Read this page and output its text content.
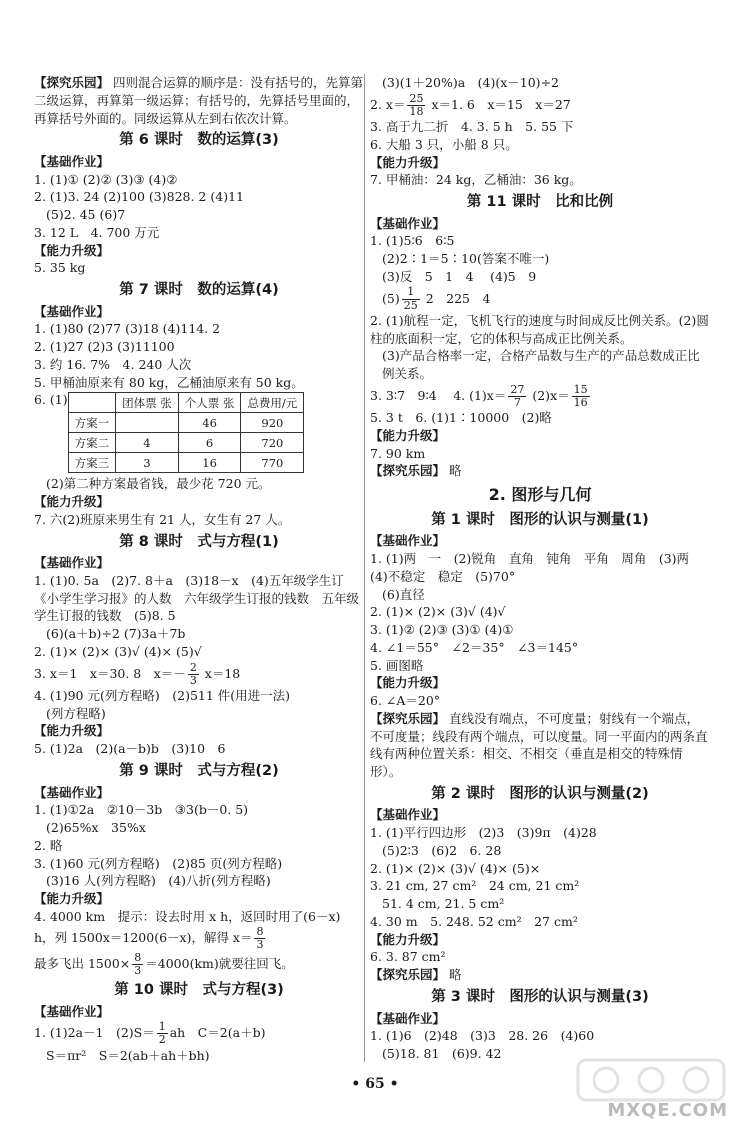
【探究乐园】 四则混合运算的顺序是：没有括号的，先算第二级运算，再算第一级运算；有括号的，先算括号里面的，再算括号外面的。同级运算从左到右依次计算。
第 6 课时　数的运算(3)
【基础作业】
1. (1)① (2)② (3)③ (4)②
2. (1)3. 24 (2)100 (3)828. 2 (4)11
(5)2. 45 (6)7
3. 12 L　4. 700 万元
【能力升级】
5. 35 kg
第 7 课时　数的运算(4)
【基础作业】
1. (1)80 (2)77 (3)18 (4)114. 2
2. (1)27 (2)3 (3)11100
3. 约 16. 7%　4. 240 人次
5. 甲桶油原来有 80 kg，乙桶油原来有 50 kg。
6. (1)
		团体票 张	个人票 张	总费用/元
方案一		46	920
方案二	4	6	720
方案三	3	16	770
(2)第二种方案最省钱，最少花 720 元。
【能力升级】
7. 六(2)班原来男生有 21 人，女生有 27 人。
第 8 课时　式与方程(1)
【基础作业】
1. (1)0. 5a　(2)7. 8＋a　(3)18－x　(4)五年级学生订《小学生学习报》的人数　六年级学生订报的钱数　五年级学生订报的钱数　(5)8. 5
(6)(a＋b)÷2 (7)3a＋7b
2. (1)× (2)× (3)√ (4)× (5)√
3. x＝1　x＝30. 8　$x=- \frac{2}{3} x=18$
4. (1)90 元(列方程略)　(2)511 件(用进一法)
(列方程略)
【能力升级】
5. (1)2a　(2)(a－b)b　(3)10　6
第 9 课时　式与方程(2)
【基础作业】
1. (1)①2a　②10－3b　③3(b－0. 5)
(2)65%x　35%x
2. 略
3. (1)60 元(列方程略)　(2)85 页(列方程略)
(3)16 人(列方程略)　(4)八折(列方程略)
【能力升级】
4. 4000 km　提示：设去时用 x h，返回时用了(6－x) h，列 1500x＝1200(6－x)，解得 $x= \frac{8}{3}$
最多飞出 $1500\times \frac{8}{3} =4000(km)$就要往回飞。
第 10 课时　式与方程(3)
【基础作业】
1. (1)2a－1　$(2)S= \frac{1}{2}$ ah　C＝2(a＋b)
S＝πr²　S＝2(ab＋ah＋bh)
(3)(1＋20%)a　(4)(x－10)÷2
2. $x= \frac{25}{18} x=1$. 6　x＝15　x＝27
3. 高于九二折　4. 3. 5 h　5. 55 下
6. 大船 3 只，小船 8 只。
【能力升级】
7. 甲桶油：24 kg，乙桶油：36 kg。
第 11 课时　比和比例
【基础作业】
1. (1)5∶6　6∶5
(2)2∶1＝5∶10(答案不唯一)
(3)反　5　1　4　 (4)5　9
$(5) \frac{1}{25} 2$　225　4
2. (1)航程一定，飞机飞行的速度与时间成反比例关系。(2)圆柱的底面积一定，它的体积与高成正比例关系。
(3)产品合格率一定，合格产品数与生产的产品总数成正比例关系。
3. 3∶7　9∶4　 4. $(1)x= \frac{27}{7} (2)x= \frac{15}{16}$
5. 3 t　6. (1)1∶10000　(2)略
【能力升级】
7. 90 km
【探究乐园】 略
2. 图形与几何
第 1 课时　图形的认识与测量(1)
【基础作业】
1. (1)两　一　(2)锐角　直角　钝角　平角　周角　(3)两　(4)不稳定　稳定　(5)70°
(6)直径
2. (1)× (2)× (3)√ (4)√
3. (1)② (2)③ (3)① (4)①
4. ∠1＝55°　∠2＝35°　∠3＝145°
5. 画图略
【能力升级】
6. ∠A＝20°
【探究乐园】 直线没有端点，不可度量；射线有一个端点，不可度量；线段有两个端点，可以度量。同一平面内的两条直线有两种位置关系：相交、不相交（垂直是相交的特殊情形）。
第 2 课时　图形的认识与测量(2)
【基础作业】
1. (1)平行四边形　(2)3　(3)9π　(4)28
(5)2∶3　(6)2　6. 28
2. (1)× (2)× (3)√ (4)× (5)×
3. 21 cm, 27 cm²　24 cm, 21 cm²
51. 4 cm, 21. 5 cm²
4. 30 m　5. 248. 52 cm²　27 cm²
【能力升级】
6. 3. 87 cm²
【探究乐园】 略
第 3 课时　图形的认识与测量(3)
【基础作业】
1. (1)6　(2)48　(3)3　28. 26　(4)60
(5)18. 81　(6)9. 42
• 65 •
MXQE.COM
